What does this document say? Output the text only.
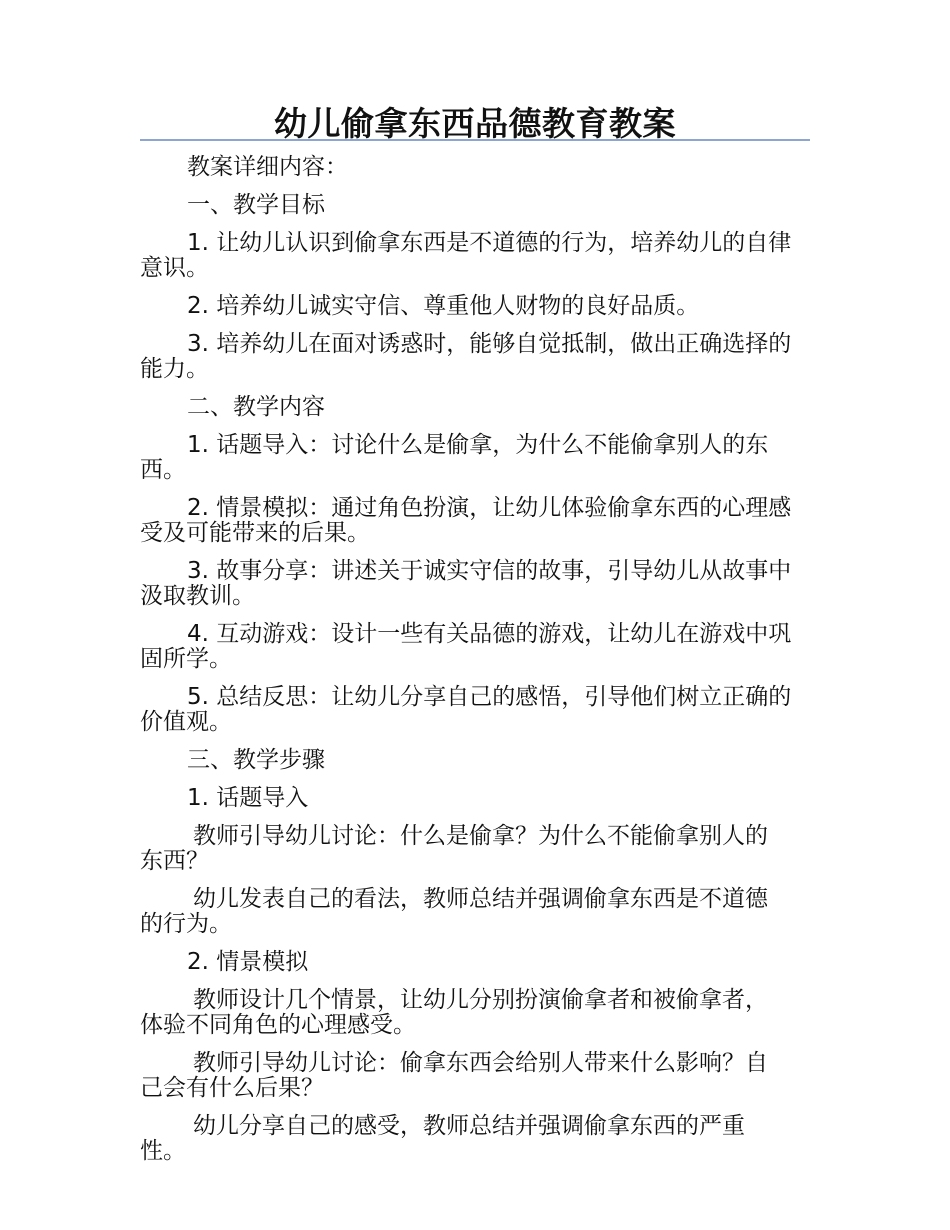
幼儿偷拿东西品德教育教案

教案详细内容：

一、教学目标

1. 让幼儿认识到偷拿东西是不道德的行为，培养幼儿的自律意识。

2. 培养幼儿诚实守信、尊重他人财物的良好品质。

3. 培养幼儿在面对诱惑时，能够自觉抵制，做出正确选择的能力。

二、教学内容

1. 话题导入：讨论什么是偷拿，为什么不能偷拿别人的东西。

2. 情景模拟：通过角色扮演，让幼儿体验偷拿东西的心理感受及可能带来的后果。

3. 故事分享：讲述关于诚实守信的故事，引导幼儿从故事中汲取教训。

4. 互动游戏：设计一些有关品德的游戏，让幼儿在游戏中巩固所学。

5. 总结反思：让幼儿分享自己的感悟，引导他们树立正确的价值观。

三、教学步骤

1. 话题导入

教师引导幼儿讨论：什么是偷拿？为什么不能偷拿别人的东西？

幼儿发表自己的看法，教师总结并强调偷拿东西是不道德的行为。

2. 情景模拟

教师设计几个情景，让幼儿分别扮演偷拿者和被偷拿者，体验不同角色的心理感受。

教师引导幼儿讨论：偷拿东西会给别人带来什么影响？自己会有什么后果？

幼儿分享自己的感受，教师总结并强调偷拿东西的严重性。
